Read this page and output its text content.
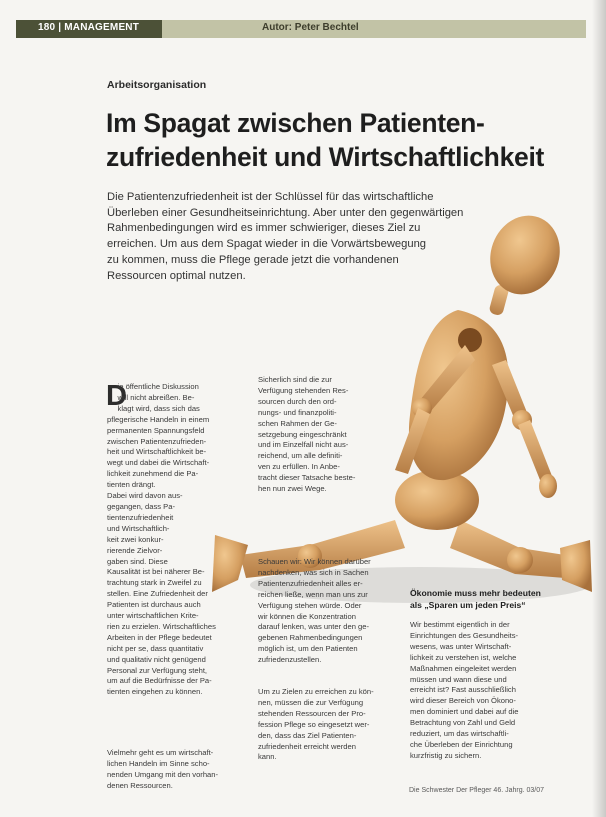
180 | MANAGEMENT	Autor: Peter Bechtel
Arbeitsorganisation
Im Spagat zwischen Patienten-
zufriedenheit und Wirtschaftlichkeit
Die Patientenzufriedenheit ist der Schlüssel für das wirtschaftliche
Überleben einer Gesundheitseinrichtung. Aber unter den gegenwärtigen
Rahmenbedingungen wird es immer schwieriger, dieses Ziel zu
erreichen. Um aus dem Spagat wieder in die Vorwärtsbewegung
zu kommen, muss die Pflege gerade jetzt die vorhandenen
Ressourcen optimal nutzen.
D
ie öffentliche Diskussion
will nicht abreißen. Be-
klagt wird, dass sich das
pflegerische Handeln in einem
permanenten Spannungsfeld
zwischen Patientenzufrieden-
heit und Wirtschaftlichkeit be-
wegt und dabei die Wirtschaft-
lichkeit zunehmend die Pa-
tienten drängt.
Dabei wird davon aus-
gegangen, dass Pa-
tientenzufriedenheit
und Wirtschaftlich-
keit zwei konkur-
rierende Zielvor-
gaben sind. Diese
Kausalität ist bei näherer Be-
trachtung stark in Zweifel zu
stellen. Eine Zufriedenheit der
Patienten ist durchaus auch
unter wirtschaftlichen Krite-
rien zu erzielen. Wirtschaftliches
Arbeiten in der Pflege bedeutet
nicht per se, dass quantitativ
und qualitativ nicht genügend
Personal zur Verfügung steht,
um auf die Bedürfnisse der Pa-
tienten eingehen zu können.
Vielmehr geht es um wirtschaft-
lichen Handeln im Sinne scho-
nenden Umgang mit den vorhan-
denen Ressourcen.
Sicherlich sind die zur
Verfügung stehenden Res-
sourcen durch den ord-
nungs- und finanzpoliti-
schen Rahmen der Ge-
setzgebung eingeschränkt
und im Einzelfall nicht aus-
reichend, um alle definiti-
ven zu erfüllen. In Anbe-
tracht dieser Tatsache beste-
hen nun zwei Wege.
Schauen wir: Wir können darüber
nachdenken, was sich in Sachen
Patientenzufriedenheit alles er-
reichen ließe, wenn man uns zur
Verfügung stehen würde. Oder
wir können die Konzentration
darauf lenken, was unter den ge-
gebenen Rahmenbedingungen
möglich ist, um den Patienten
zufriedenzustellen.
Um zu Zielen zu erreichen zu kön-
nen, müssen die zur Verfügung
stehenden Ressourcen der Pro-
fession Pflege so eingesetzt wer-
den, dass das Ziel Patienten-
zufriedenheit erreicht werden
kann.
Ökonomie muss mehr bedeuten
als „Sparen um jeden Preis“
Wir bestimmt eigentlich in der
Einrichtungen des Gesundheits-
wesens, was unter Wirtschaft-
lichkeit zu verstehen ist, welche
Maßnahmen eingeleitet werden
müssen und wann diese und
erreicht ist? Fast ausschließlich
wird dieser Bereich von Ökono-
men dominiert und dabei auf die
Betrachtung von Zahl und Geld
reduziert, um das wirtschaftli-
che Überleben der Einrichtung
kurzfristig zu sichern.
Die Schwester Der Pfleger 46. Jahrg. 03/07
